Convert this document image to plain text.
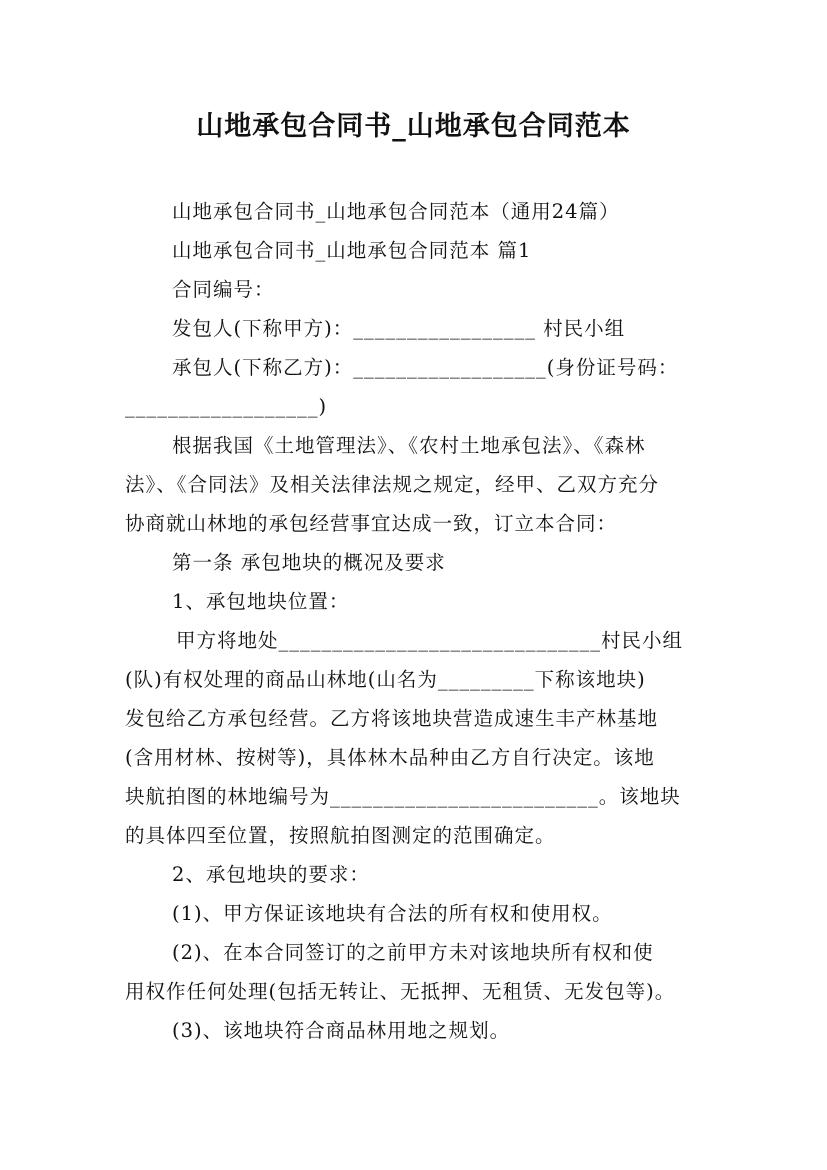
山地承包合同书_山地承包合同范本
山地承包合同书_山地承包合同范本（通用24篇）
山地承包合同书_山地承包合同范本 篇1
合同编号：
发包人(下称甲方)：_________________ 村民小组
承包人(下称乙方)：__________________(身份证号码：
__________________)
根据我国《土地管理法》、《农村土地承包法》、《森林
法》、《合同法》及相关法律法规之规定，经甲、乙双方充分
协商就山林地的承包经营事宜达成一致，订立本合同：
第一条 承包地块的概况及要求
1、承包地块位置：
甲方将地处______________________________村民小组
(队)有权处理的商品山林地(山名为_________下称该地块)
发包给乙方承包经营。乙方将该地块营造成速生丰产林基地
(含用材林、按树等)，具体林木品种由乙方自行决定。该地
块航拍图的林地编号为_________________________。该地块
的具体四至位置，按照航拍图测定的范围确定。
2、承包地块的要求：
(1)、甲方保证该地块有合法的所有权和使用权。
(2)、在本合同签订的之前甲方未对该地块所有权和使
用权作任何处理(包括无转让、无抵押、无租赁、无发包等)。
(3)、该地块符合商品林用地之规划。
